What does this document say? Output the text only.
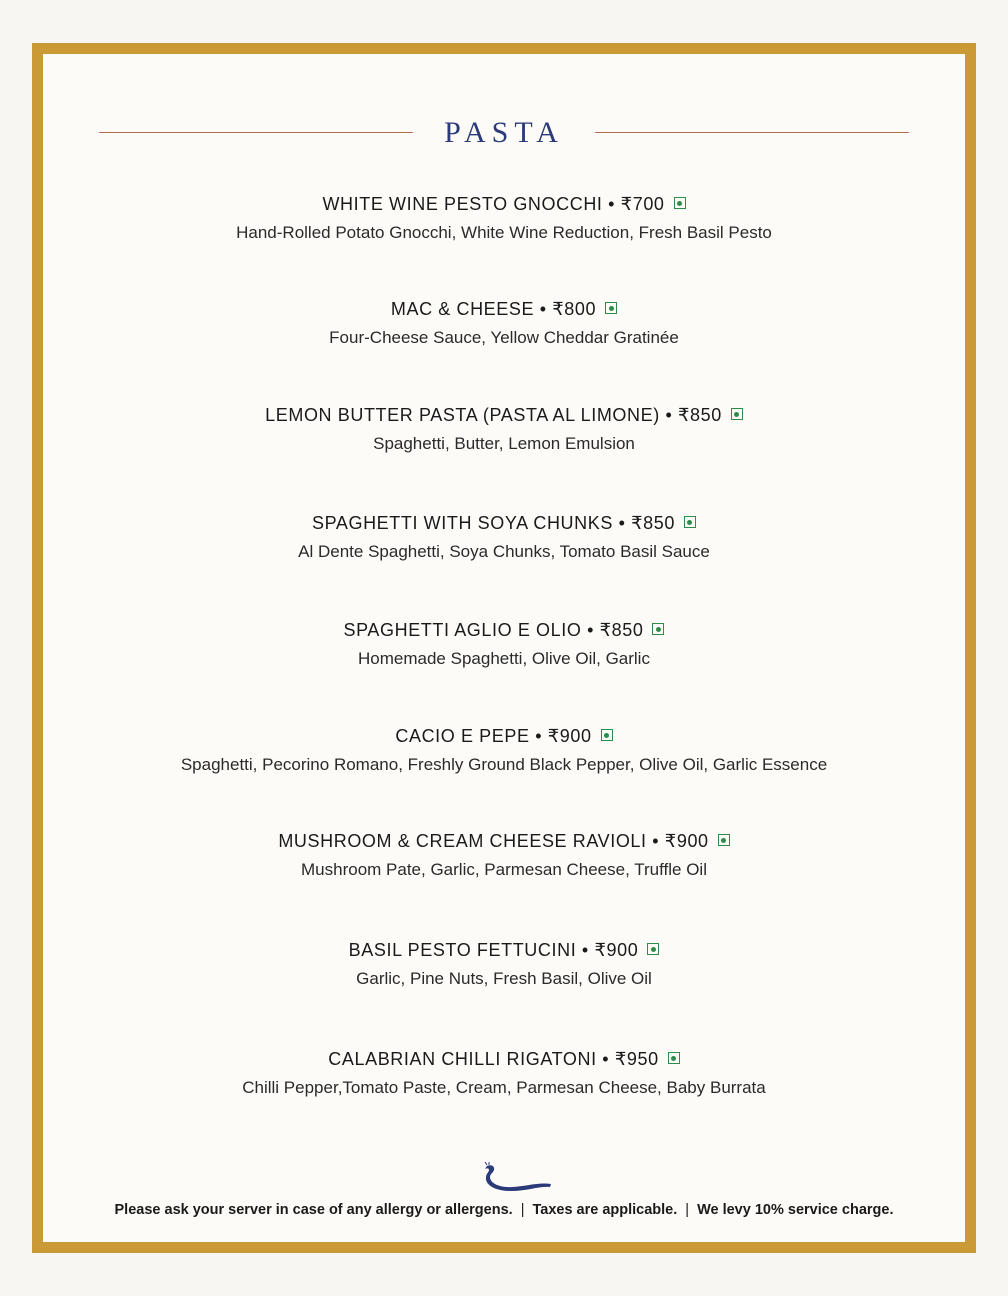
PASTA
WHITE WINE PESTO GNOCCHI • ₹700
Hand-Rolled Potato Gnocchi, White Wine Reduction, Fresh Basil Pesto
MAC & CHEESE • ₹800
Four-Cheese Sauce, Yellow Cheddar Gratinée
LEMON BUTTER PASTA (PASTA AL LIMONE) • ₹850
Spaghetti, Butter, Lemon Emulsion
SPAGHETTI WITH SOYA CHUNKS • ₹850
Al Dente Spaghetti, Soya Chunks, Tomato Basil Sauce
SPAGHETTI AGLIO E OLIO • ₹850
Homemade Spaghetti, Olive Oil, Garlic
CACIO E PEPE • ₹900
Spaghetti, Pecorino Romano, Freshly Ground Black Pepper, Olive Oil, Garlic Essence
MUSHROOM & CREAM CHEESE RAVIOLI • ₹900
Mushroom Pate, Garlic, Parmesan Cheese, Truffle Oil
BASIL PESTO FETTUCINI • ₹900
Garlic, Pine Nuts, Fresh Basil, Olive Oil
CALABRIAN CHILLI RIGATONI • ₹950
Chilli Pepper,Tomato Paste, Cream, Parmesan Cheese, Baby Burrata
Please ask your server in case of any allergy or allergens. | Taxes are applicable. | We levy 10% service charge.
